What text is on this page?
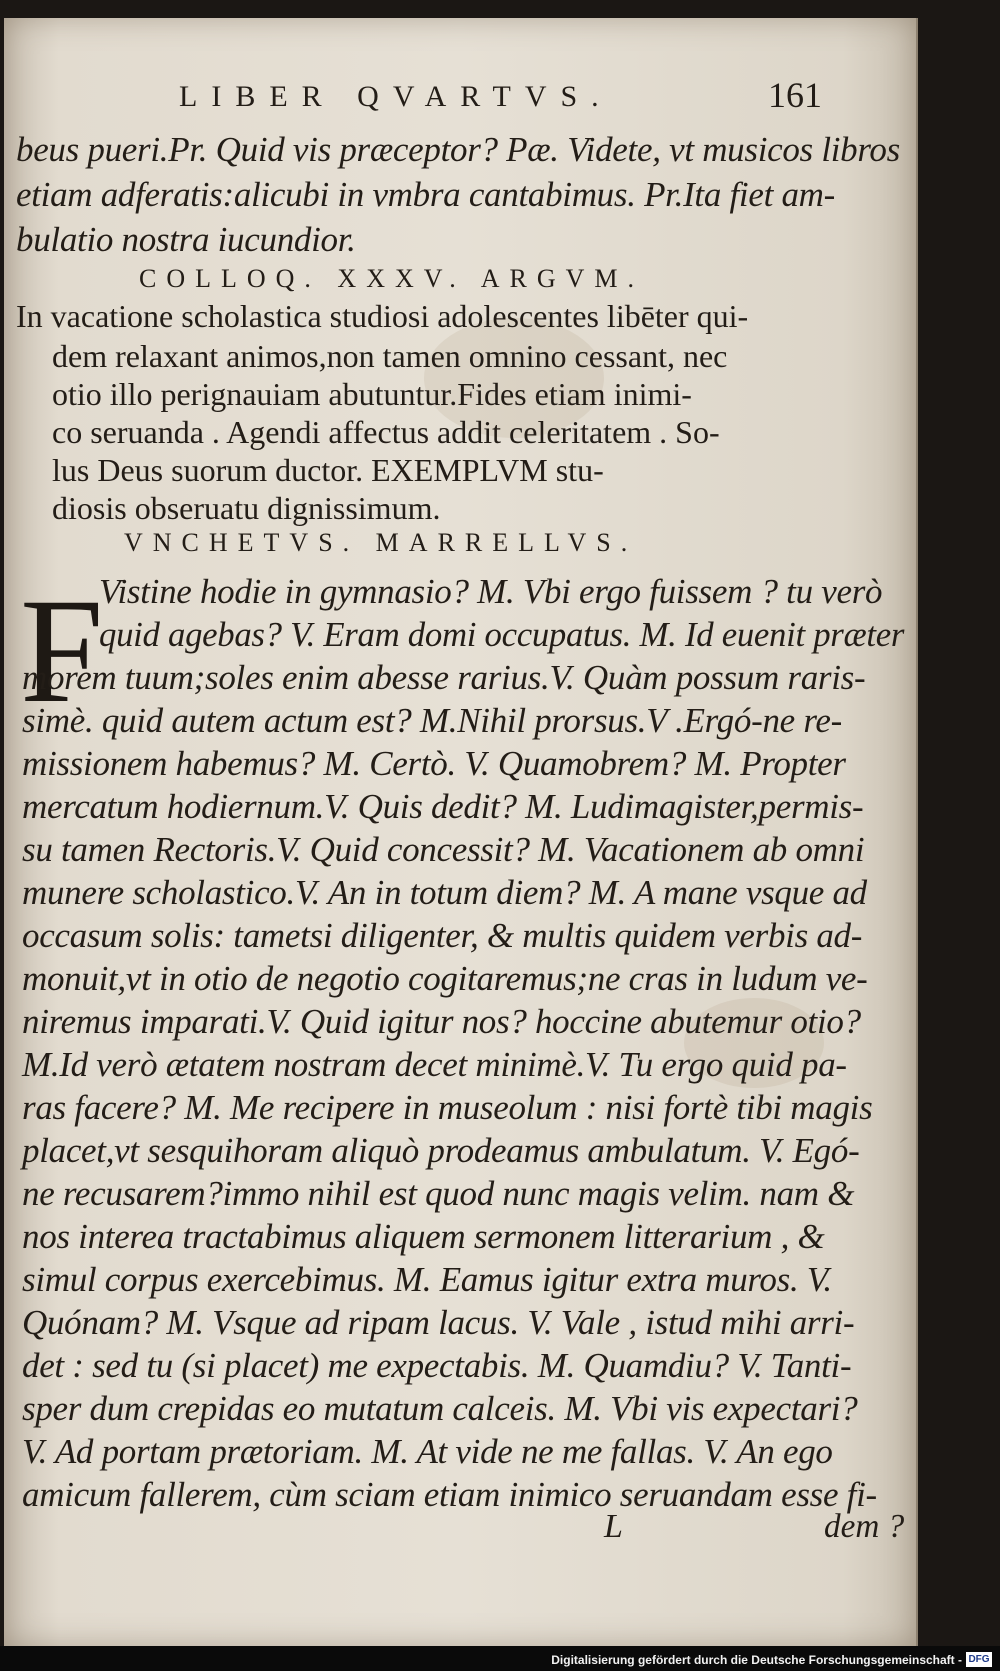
LIBER QVARTVS.	161
beus pueri.Pr. Quid vis præceptor? Pæ. Videte, vt musicos libros
etiam adferatis:alicubi in vmbra cantabimus. Pr.Ita fiet am-
bulatio nostra iucundior.
COLLOQ. XXXV. ARGVM.
In vacatione scholastica studiosi adolescentes libēter qui-
dem relaxant animos,non tamen omnino cessant, nec
otio illo perignauiam abutuntur.Fides etiam inimi-
co seruanda . Agendi affectus addit celeritatem . So-
lus Deus suorum ductor. EXEMPLVM stu-
diosis obseruatu dignissimum.
VNCHETVS. MARRELLVS.
F
Vistine hodie in gymnasio? M. Vbi ergo fuissem ? tu verò
quid agebas? V. Eram domi occupatus. M. Id euenit præter
morem tuum;soles enim abesse rarius.V. Quàm possum raris-
simè. quid autem actum est? M.Nihil prorsus.V .Ergó-ne re-
missionem habemus? M. Certò. V. Quamobrem? M. Propter
mercatum hodiernum.V. Quis dedit? M. Ludimagister,permis-
su tamen Rectoris.V. Quid concessit? M. Vacationem ab omni
munere scholastico.V. An in totum diem? M. A mane vsque ad
occasum solis: tametsi diligenter, & multis quidem verbis ad-
monuit,vt in otio de negotio cogitaremus;ne cras in ludum ve-
niremus imparati.V. Quid igitur nos? hoccine abutemur otio?
M.Id verò ætatem nostram decet minimè.V. Tu ergo quid pa-
ras facere? M. Me recipere in museolum : nisi fortè tibi magis
placet,vt sesquihoram aliquò prodeamus ambulatum. V. Egó-
ne recusarem?immo nihil est quod nunc magis velim. nam &
nos interea tractabimus aliquem sermonem litterarium , &
simul corpus exercebimus. M. Eamus igitur extra muros. V.
Quónam? M. Vsque ad ripam lacus. V. Vale , istud mihi arri-
det : sed tu (si placet) me expectabis. M. Quamdiu? V. Tanti-
sper dum crepidas eo mutatum calceis. M. Vbi vis expectari?
V. Ad portam prætoriam. M. At vide ne me fallas. V. An ego
amicum fallerem, cùm sciam etiam inimico seruandam esse fi-
L	dem ?
Digitalisierung gefördert durch die Deutsche Forschungsgemeinschaft - DFG
